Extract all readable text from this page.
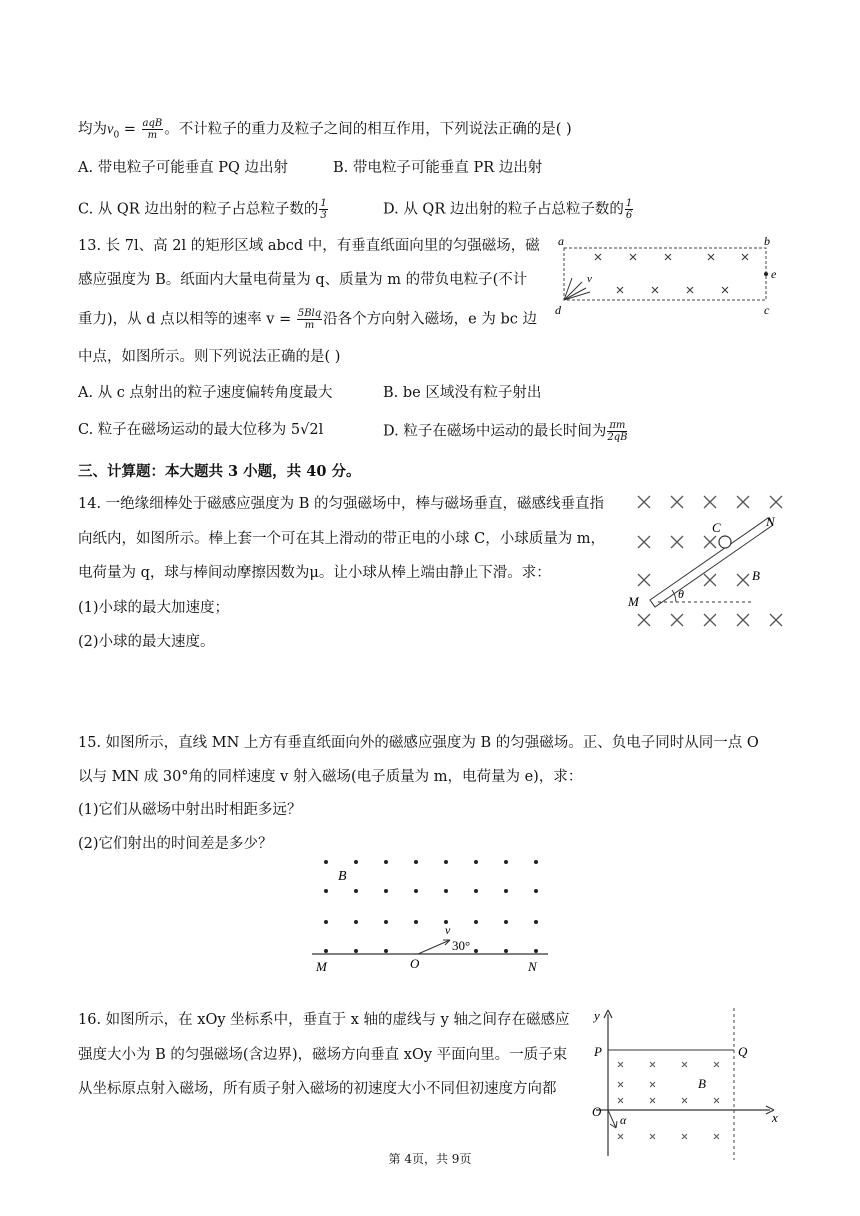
均为$v_0 = \frac{\text{aqB}}{m}$ 。不计粒子的重力及粒子之间的相互作用，下列说法正确的是( )
A. 带电粒子可能垂直 PQ 边出射	B. 带电粒子可能垂直 PR 边出射
C. 从 QR 边出射的粒子占总粒子数的 $\frac{1}{3}$	D. 从 QR 边出射的粒子占总粒子数的 $\frac{1}{6}$
13. 长 7l、高 2l 的矩形区域 abcd 中，有垂直纸面向里的匀强磁场，磁
感应强度为 B。纸面内大量电荷量为 q、质量为 m 的带负电粒子(不计
重力)，从 d 点以相等的速率 $v = \frac{\text{5Blq}}{m}$ 沿各个方向射入磁场，e 为 bc 边
中点，如图所示。则下列说法正确的是( )
A. 从 c 点射出的粒子速度偏转角度最大	B. be 区域没有粒子射出
C. 粒子在磁场运动的最大位移为 5√2l	D. 粒子在磁场中运动的最长时间为 $\frac{\pi m}{2qB}$
a	b
e
c
d
v
三、计算题：本大题共 3 小题，共 40 分。
14. 一绝缘细棒处于磁感应强度为 B 的匀强磁场中，棒与磁场垂直，磁感线垂直指
向纸内，如图所示。棒上套一个可在其上滑动的带正电的小球 C，小球质量为 m，
电荷量为 q，球与棒间动摩擦因数为μ。让小球从棒上端由静止下滑。求：
(1)小球的最大加速度；
(2)小球的最大速度。
C	N
B
M	θ
15. 如图所示，直线 MN 上方有垂直纸面向外的磁感应强度为 B 的匀强磁场。正、负电子同时从同一点 O
以与 MN 成 30°角的同样速度 v 射入磁场(电子质量为 m，电荷量为 e)，求：
(1)它们从磁场中射出时相距多远？
(2)它们射出的时间差是多少？
B
v
30°
M	O	N
16. 如图所示，在 xOy 坐标系中，垂直于 x 轴的虚线与 y 轴之间存在磁感应
强度大小为 B 的匀强磁场(含边界)，磁场方向垂直 xOy 平面向里。一质子束
从坐标原点射入磁场，所有质子射入磁场的初速度大小不同但初速度方向都
y
P	Q
B
O
α	x
第 4页，共 9页
